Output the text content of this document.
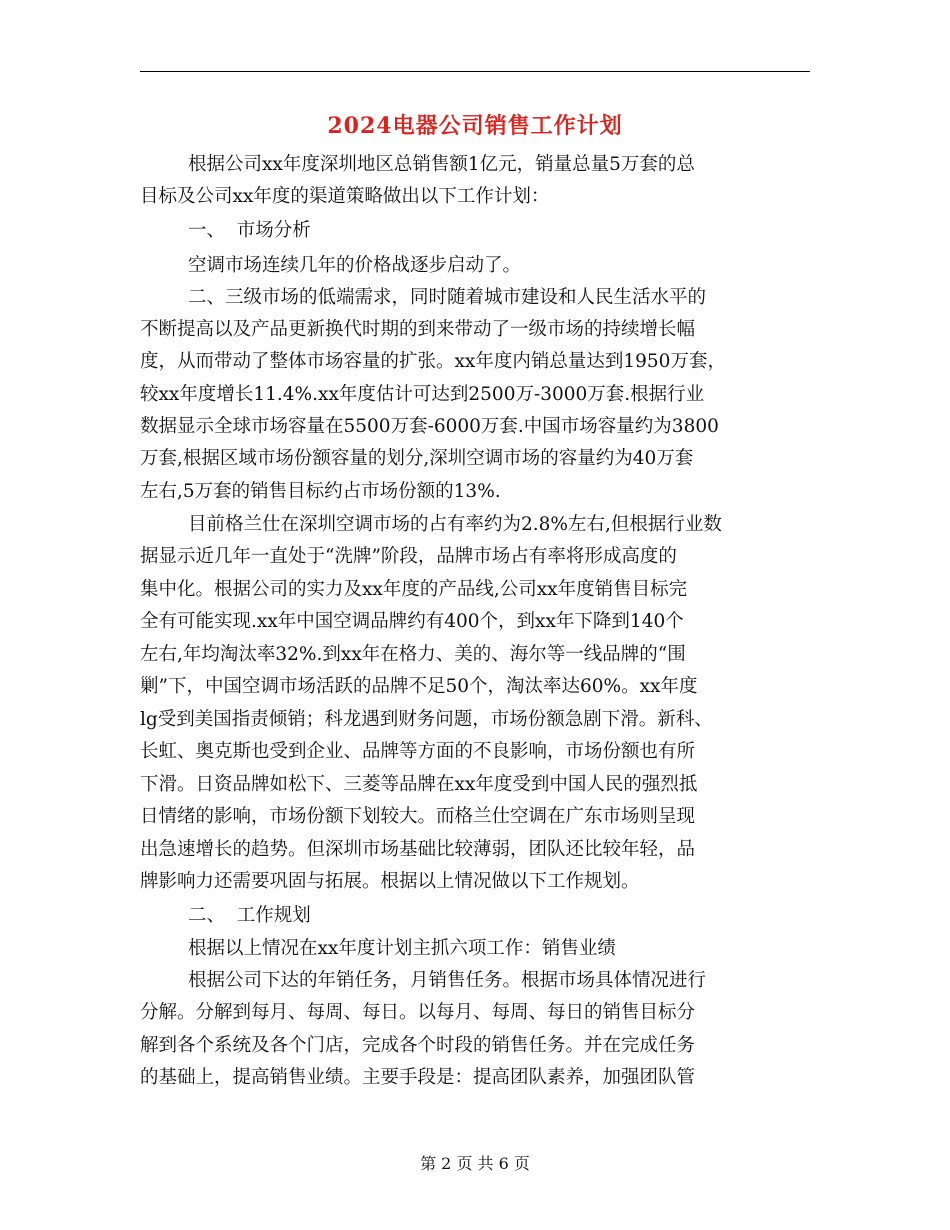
2024电器公司销售工作计划
根据公司xx年度深圳地区总销售额1亿元，销量总量5万套的总
目标及公司xx年度的渠道策略做出以下工作计划：
一、  市场分析
空调市场连续几年的价格战逐步启动了。
二、三级市场的低端需求，同时随着城市建设和人民生活水平的
不断提高以及产品更新换代时期的到来带动了一级市场的持续增长幅
度，从而带动了整体市场容量的扩张。xx年度内销总量达到1950万套，
较xx年度增长11.4%.xx年度估计可达到2500万-3000万套.根据行业
数据显示全球市场容量在5500万套-6000万套.中国市场容量约为3800
万套,根据区域市场份额容量的划分,深圳空调市场的容量约为40万套
左右,5万套的销售目标约占市场份额的13%.
目前格兰仕在深圳空调市场的占有率约为2.8%左右,但根据行业数
据显示近几年一直处于“洗牌”阶段，品牌市场占有率将形成高度的
集中化。根据公司的实力及xx年度的产品线,公司xx年度销售目标完
全有可能实现.xx年中国空调品牌约有400个，到xx年下降到140个
左右,年均淘汰率32%.到xx年在格力、美的、海尔等一线品牌的“围
剿”下，中国空调市场活跃的品牌不足50个，淘汰率达60%。xx年度
lg受到美国指责倾销；科龙遇到财务问题，市场份额急剧下滑。新科、
长虹、奥克斯也受到企业、品牌等方面的不良影响，市场份额也有所
下滑。日资品牌如松下、三菱等品牌在xx年度受到中国人民的强烈抵
日情绪的影响，市场份额下划较大。而格兰仕空调在广东市场则呈现
出急速增长的趋势。但深圳市场基础比较薄弱，团队还比较年轻，品
牌影响力还需要巩固与拓展。根据以上情况做以下工作规划。
二、  工作规划
根据以上情况在xx年度计划主抓六项工作：销售业绩
根据公司下达的年销任务，月销售任务。根据市场具体情况进行
分解。分解到每月、每周、每日。以每月、每周、每日的销售目标分
解到各个系统及各个门店，完成各个时段的销售任务。并在完成任务
的基础上，提高销售业绩。主要手段是：提高团队素养，加强团队管
第 2 页 共 6 页
